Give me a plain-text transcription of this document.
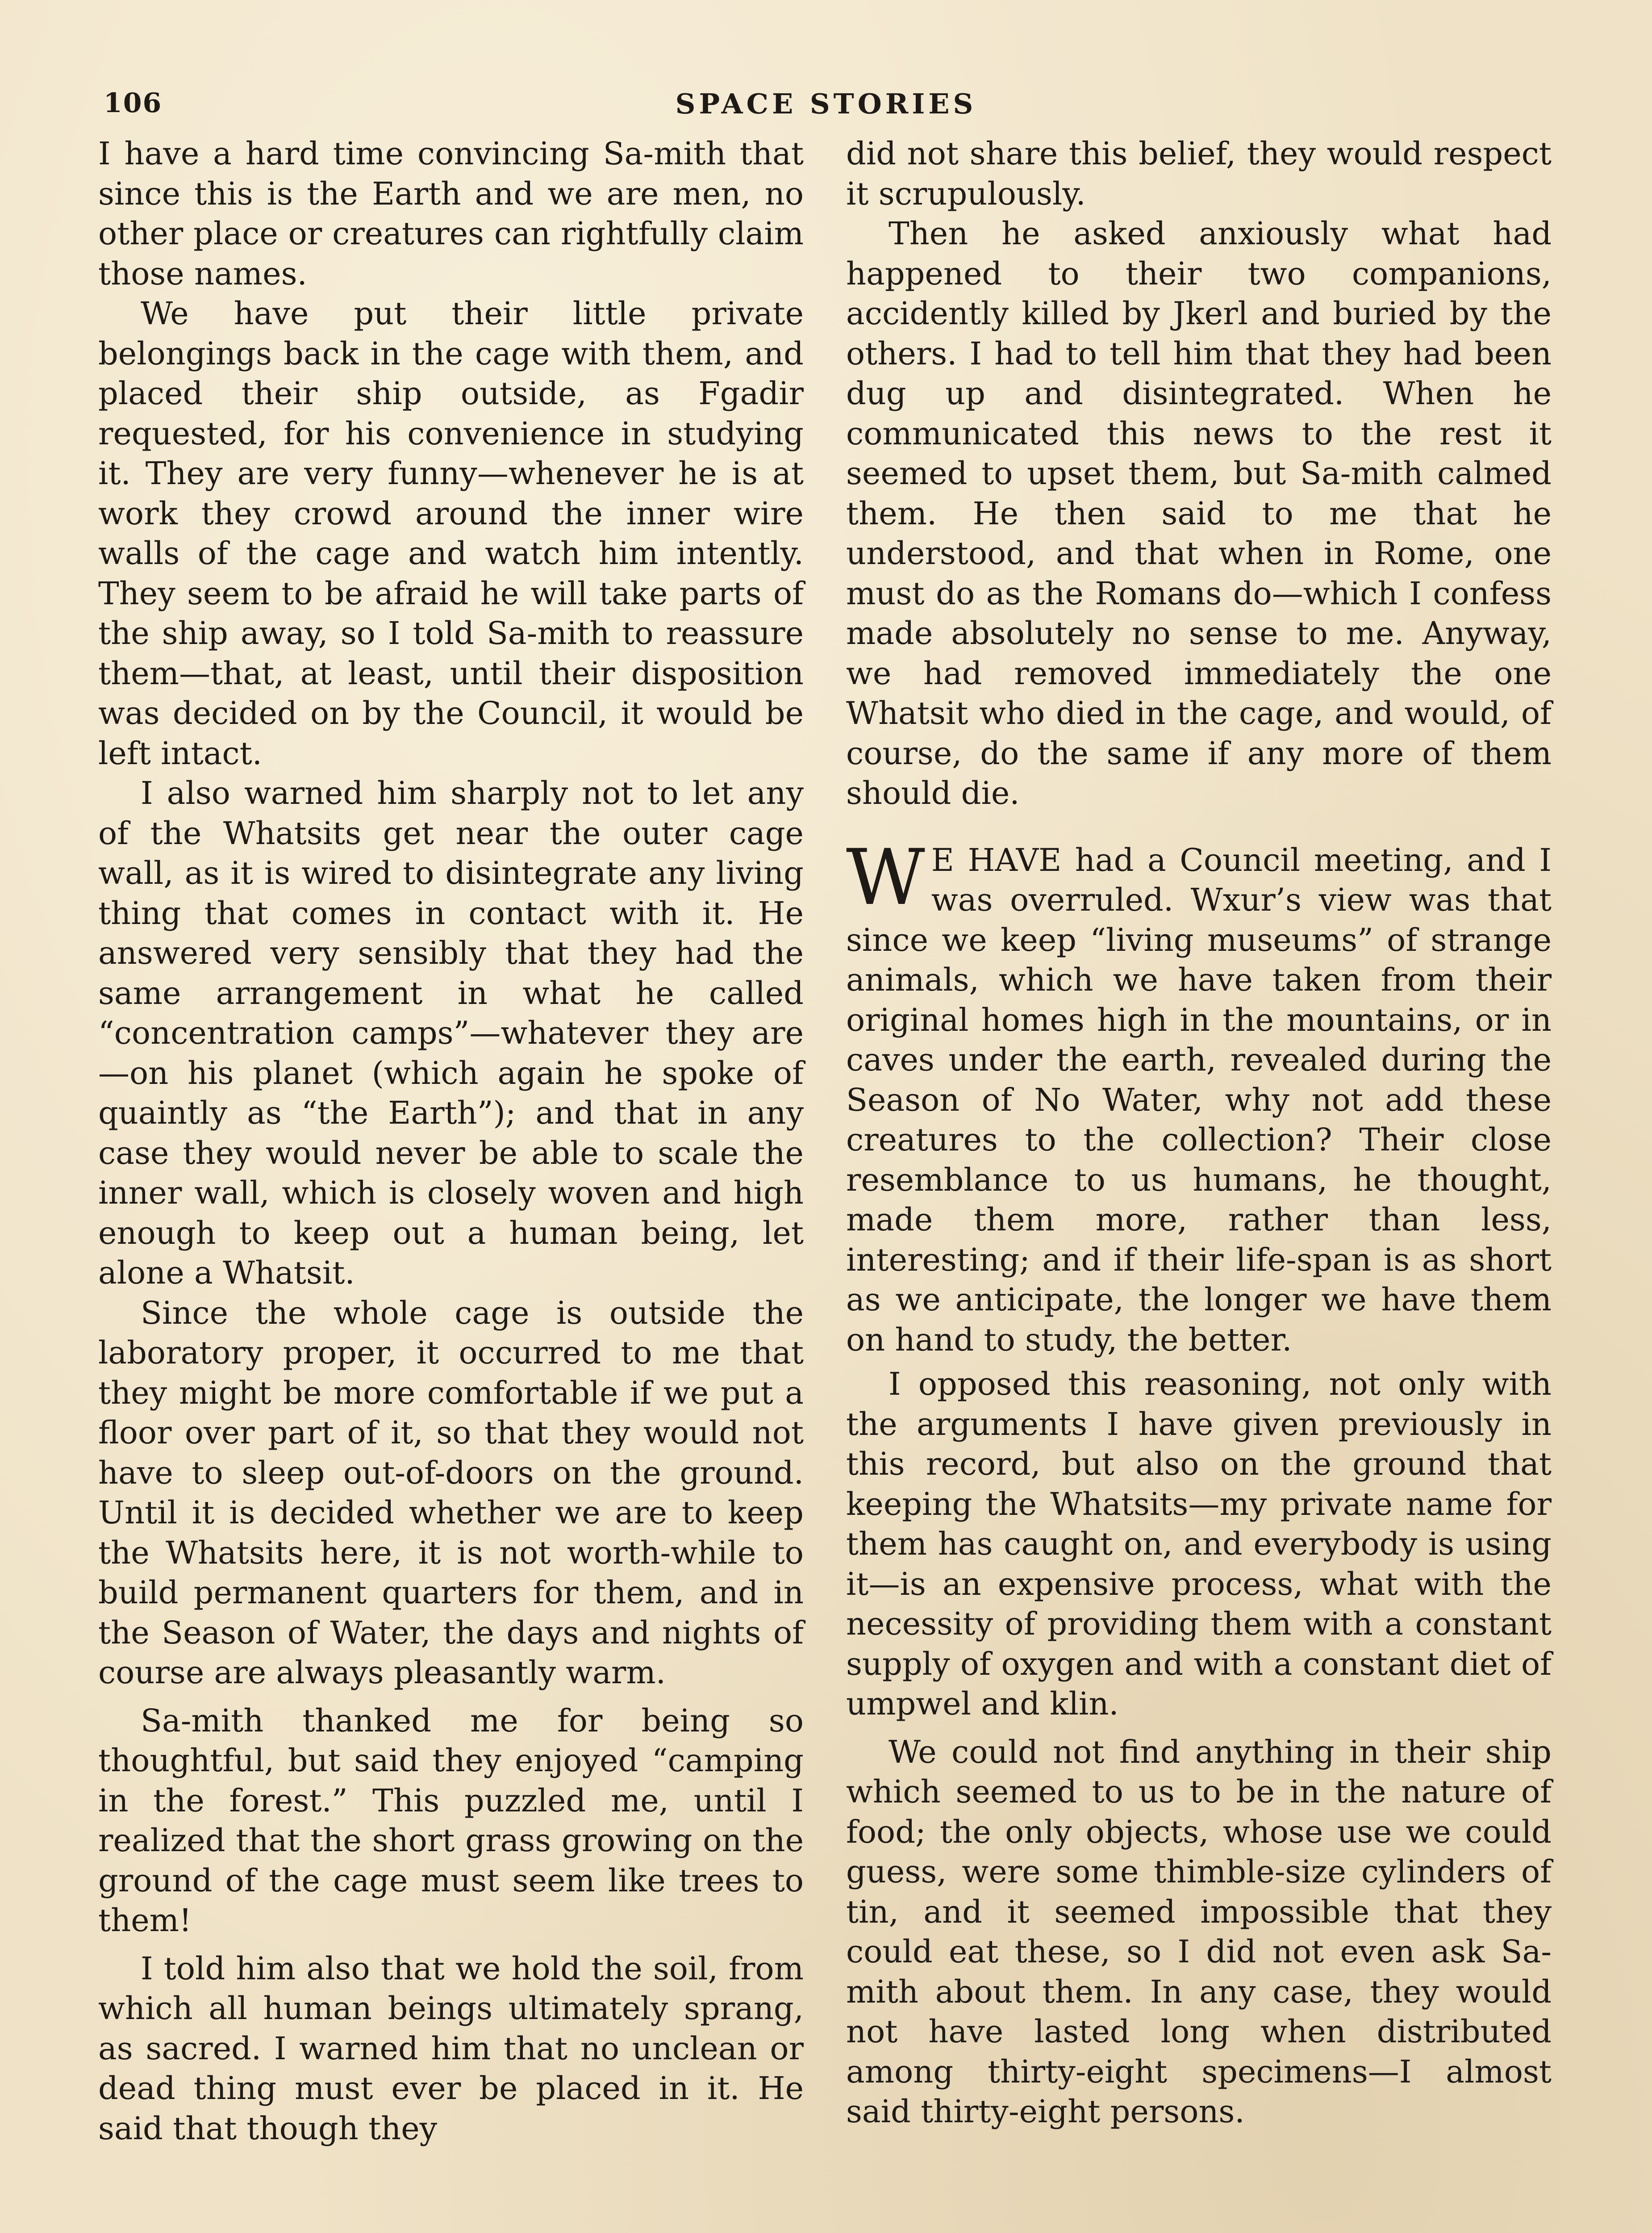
106	SPACE STORIES

I have a hard time convincing Sa-mith that since this is the Earth and we are men, no other place or creatures can rightfully claim those names.

We have put their little private belongings back in the cage with them, and placed their ship outside, as Fgadir requested, for his convenience in studying it. They are very funny—whenever he is at work they crowd around the inner wire walls of the cage and watch him intently. They seem to be afraid he will take parts of the ship away, so I told Sa-mith to reassure them—that, at least, until their disposition was decided on by the Council, it would be left intact.

I also warned him sharply not to let any of the Whatsits get near the outer cage wall, as it is wired to disintegrate any living thing that comes in contact with it. He answered very sensibly that they had the same arrangement in what he called “concentration camps”—whatever they are—on his planet (which again he spoke of quaintly as “the Earth”); and that in any case they would never be able to scale the inner wall, which is closely woven and high enough to keep out a human being, let alone a Whatsit.

Since the whole cage is outside the laboratory proper, it occurred to me that they might be more comfortable if we put a floor over part of it, so that they would not have to sleep out-of-doors on the ground. Until it is decided whether we are to keep the Whatsits here, it is not worth-while to build permanent quarters for them, and in the Season of Water, the days and nights of course are always pleasantly warm.

Sa-mith thanked me for being so thoughtful, but said they enjoyed “camping in the forest.” This puzzled me, until I realized that the short grass growing on the ground of the cage must seem like trees to them!

I told him also that we hold the soil, from which all human beings ultimately sprang, as sacred. I warned him that no unclean or dead thing must ever be placed in it. He said that though they

did not share this belief, they would respect it scrupulously.

Then he asked anxiously what had happened to their two companions, accidently killed by Jkerl and buried by the others. I had to tell him that they had been dug up and disintegrated. When he communicated this news to the rest it seemed to upset them, but Sa-mith calmed them. He then said to me that he understood, and that when in Rome, one must do as the Romans do—which I confess made absolutely no sense to me. Anyway, we had removed immediately the one Whatsit who died in the cage, and would, of course, do the same if any more of them should die.

W E HAVE had a Council meeting, and I was overruled. Wxur’s view was that since we keep “living museums” of strange animals, which we have taken from their original homes high in the mountains, or in caves under the earth, revealed during the Season of No Water, why not add these creatures to the collection? Their close resemblance to us humans, he thought, made them more, rather than less, interesting; and if their life-span is as short as we anticipate, the longer we have them on hand to study, the better.

I opposed this reasoning, not only with the arguments I have given previously in this record, but also on the ground that keeping the Whatsits—my private name for them has caught on, and everybody is using it—is an expensive process, what with the necessity of providing them with a constant supply of oxygen and with a constant diet of umpwel and klin.

We could not find anything in their ship which seemed to us to be in the nature of food; the only objects, whose use we could guess, were some thimble-size cylinders of tin, and it seemed impossible that they could eat these, so I did not even ask Sa-mith about them. In any case, they would not have lasted long when distributed among thirty-eight specimens—I almost said thirty-eight persons.
